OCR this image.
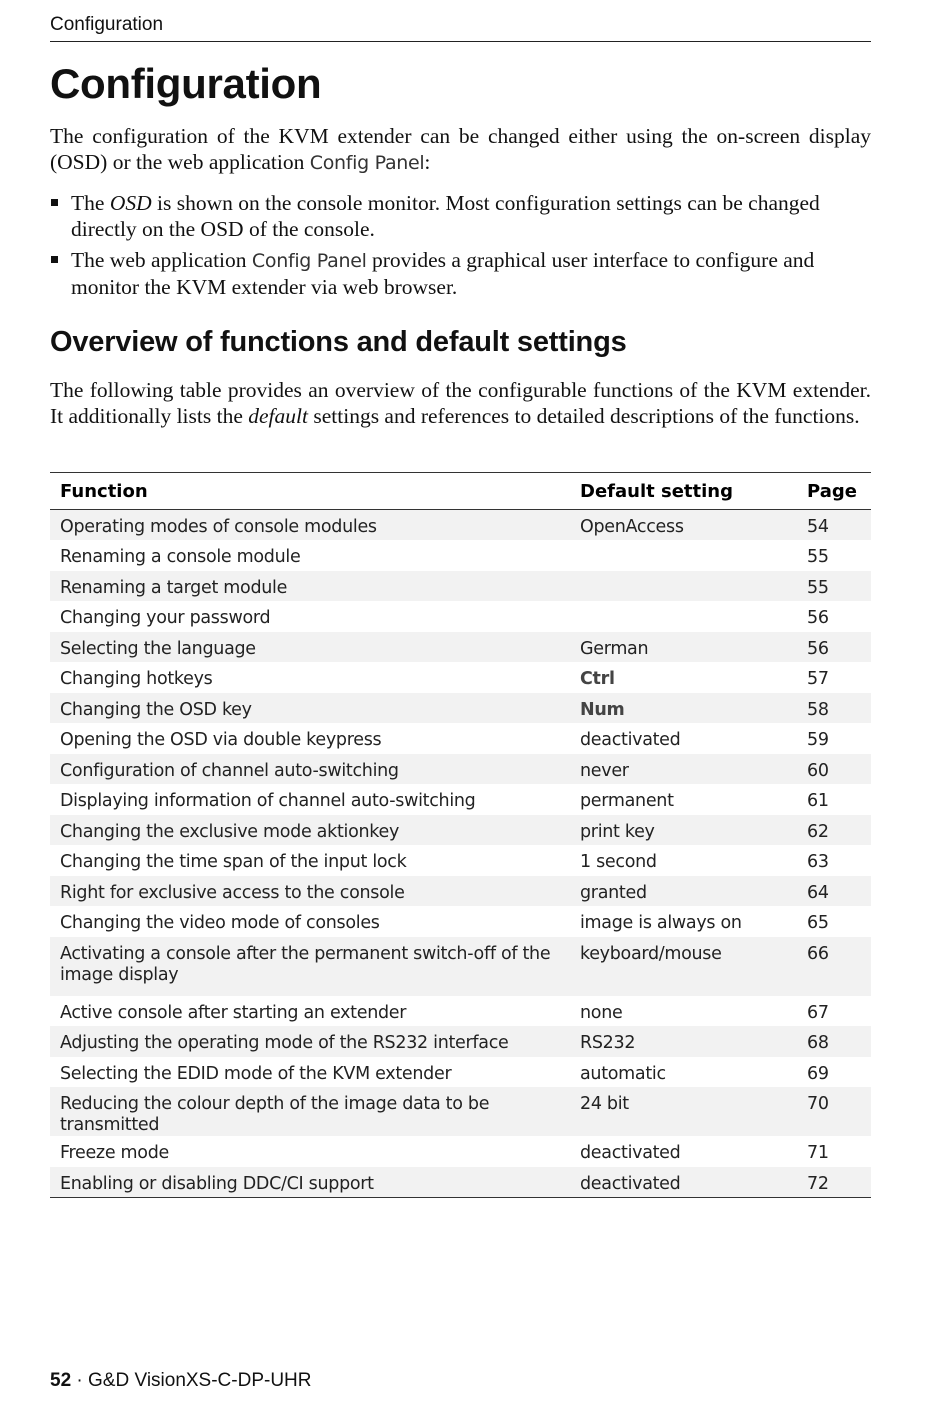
Configuration
Configuration

The configuration of the KVM extender can be changed either using the on-screen display (OSD) or the web application Config Panel:

The OSD is shown on the console monitor. Most configuration settings can be changed directly on the OSD of the console.
The web application Config Panel provides a graphical user interface to configure and monitor the KVM extender via web browser.
Overview of functions and default settings

The following table provides an overview of the configurable functions of the KVM extender. It additionally lists the default settings and references to detailed descriptions of the functions.

Function	Default setting	Page
Operating modes of console modules	OpenAccess	54
Renaming a console module		55
Renaming a target module		55
Changing your password		56
Selecting the language	German	56
Changing hotkeys	Ctrl	57
Changing the OSD key	Num	58
Opening the OSD via double keypress	deactivated	59
Configuration of channel auto-switching	never	60
Displaying information of channel auto-switching	permanent	61
Changing the exclusive mode aktionkey	print key	62
Changing the time span of the input lock	1 second	63
Right for exclusive access to the console	granted	64
Changing the video mode of consoles	image is always on	65
Activating a console after the permanent switch-off of the image display	keyboard/mouse	66
Active console after starting an extender	none	67
Adjusting the operating mode of the RS232 interface	RS232	68
Selecting the EDID mode of the KVM extender	automatic	69
Reducing the colour depth of the image data to be transmitted	24 bit	70
Freeze mode	deactivated	71
Enabling or disabling DDC/CI support	deactivated	72
52 · G&D VisionXS-C-DP-UHR
